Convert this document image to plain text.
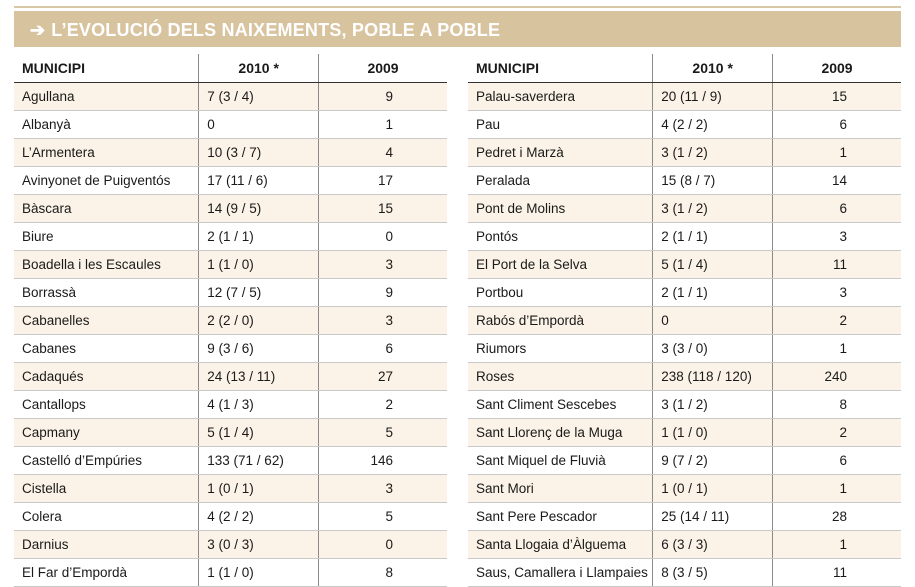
➔ L’EVOLUCIÓ DELS NAIXEMENTS, POBLE A POBLE
MUNICIPI	2010 *	2009
Agullana	7 (3 / 4)	9
Albanyà	0	1
L’Armentera	10 (3 / 7)	4
Avinyonet de Puigventós	17 (11 / 6)	17
Bàscara	14 (9 / 5)	15
Biure	2 (1 / 1)	0
Boadella i les Escaules	1 (1 / 0)	3
Borrassà	12 (7 / 5)	9
Cabanelles	2 (2 / 0)	3
Cabanes	9 (3 / 6)	6
Cadaqués	24 (13 / 11)	27
Cantallops	4 (1 / 3)	2
Capmany	5 (1 / 4)	5
Castelló d’Empúries	133 (71 / 62)	146
Cistella	1 (0 / 1)	3
Colera	4 (2 / 2)	5
Darnius	3 (0 / 3)	0
El Far d’Empordà	1 (1 / 0)	8
MUNICIPI	2010 *	2009
Palau-saverdera	20 (11 / 9)	15
Pau	4 (2 / 2)	6
Pedret i Marzà	3 (1 / 2)	1
Peralada	15 (8 / 7)	14
Pont de Molins	3 (1 / 2)	6
Pontós	2 (1 / 1)	3
El Port de la Selva	5 (1 / 4)	11
Portbou	2 (1 / 1)	3
Rabós d’Empordà	0	2
Riumors	3 (3 / 0)	1
Roses	238 (118 / 120)	240
Sant Climent Sescebes	3 (1 / 2)	8
Sant Llorenç de la Muga	1 (1 / 0)	2
Sant Miquel de Fluvià	9 (7 / 2)	6
Sant Mori	1 (0 / 1)	1
Sant Pere Pescador	25 (14 / 11)	28
Santa Llogaia d’Àlguema	6 (3 / 3)	1
Saus, Camallera i Llampaies	8 (3 / 5)	11
